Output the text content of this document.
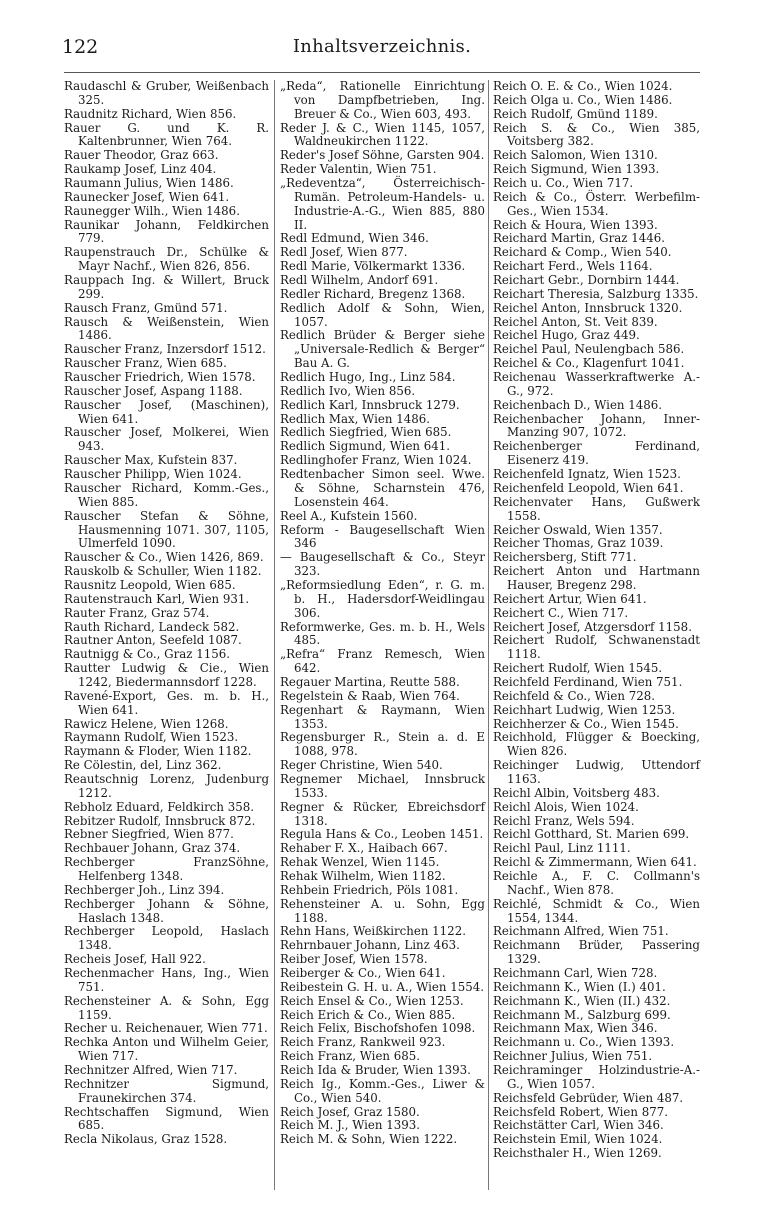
122	Inhaltsverzeichnis.

Raudaschl & Gruber, Weißenbach 325.

Raudnitz Richard, Wien 856.

Rauer G. und K. R. Kaltenbrunner, Wien 764.

Rauer Theodor, Graz 663.

Raukamp Josef, Linz 404.

Raumann Julius, Wien 1486.

Raunecker Josef, Wien 641.

Raunegger Wilh., Wien 1486.

Raunikar Johann, Feldkirchen 779.

Raupenstrauch Dr., Schülke & Mayr Nachf., Wien 826, 856.

Rauppach Ing. & Willert, Bruck 299.

Rausch Franz, Gmünd 571.

Rausch & Weißenstein, Wien 1486.

Rauscher Franz, Inzersdorf 1512.

Rauscher Franz, Wien 685.

Rauscher Friedrich, Wien 1578.

Rauscher Josef, Aspang 1188.

Rauscher Josef, (Maschinen), Wien 641.

Rauscher Josef, Molkerei, Wien 943.

Rauscher Max, Kufstein 837.

Rauscher Philipp, Wien 1024.

Rauscher Richard, Komm.-Ges., Wien 885.

Rauscher Stefan & Söhne, Hausmenning 1071. 307, 1105, Ulmerfeld 1090.

Rauscher & Co., Wien 1426, 869.

Rauskolb & Schuller, Wien 1182.

Rausnitz Leopold, Wien 685.

Rautenstrauch Karl, Wien 931.

Rauter Franz, Graz 574.

Rauth Richard, Landeck 582.

Rautner Anton, Seefeld 1087.

Rautnigg & Co., Graz 1156.

Rautter Ludwig & Cie., Wien 1242, Biedermannsdorf 1228.

Ravené-Export, Ges. m. b. H., Wien 641.

Rawicz Helene, Wien 1268.

Raymann Rudolf, Wien 1523.

Raymann & Floder, Wien 1182.

Re Cölestin, del, Linz 362.

Reautschnig Lorenz, Judenburg 1212.

Rebholz Eduard, Feldkirch 358.

Rebitzer Rudolf, Innsbruck 872.

Rebner Siegfried, Wien 877.

Rechbauer Johann, Graz 374.

Rechberger FranzSöhne, Helfenberg 1348.

Rechberger Joh., Linz 394.

Rechberger Johann & Söhne, Haslach 1348.

Rechberger Leopold, Haslach 1348.

Recheis Josef, Hall 922.

Rechenmacher Hans, Ing., Wien 751.

Rechensteiner A. & Sohn, Egg 1159.

Recher u. Reichenauer, Wien 771.

Rechka Anton und Wilhelm Geier, Wien 717.

Rechnitzer Alfred, Wien 717.

Rechnitzer Sigmund, Fraunekirchen 374.

Rechtschaffen Sigmund, Wien 685.

Recla Nikolaus, Graz 1528.

„Reda“, Rationelle Einrichtung von Dampfbetrieben, Ing. Breuer & Co., Wien 603, 493.

Reder J. & C., Wien 1145, 1057, Waldneukirchen 1122.

Reder's Josef Söhne, Garsten 904.

Reder Valentin, Wien 751.

„Redeventza“, Österreichisch-Rumän. Petroleum-Handels- u. Industrie-A.-G., Wien 885, 880 II.

Redl Edmund, Wien 346.

Redl Josef, Wien 877.

Redl Marie, Völkermarkt 1336.

Redl Wilhelm, Andorf 691.

Redler Richard, Bregenz 1368.

Redlich Adolf & Sohn, Wien, 1057.

Redlich Brüder & Berger siehe „Universale-Redlich & Berger“ Bau A. G.

Redlich Hugo, Ing., Linz 584.

Redlich Ivo, Wien 856.

Redlich Karl, Innsbruck 1279.

Redlich Max, Wien 1486.

Redlich Siegfried, Wien 685.

Redlich Sigmund, Wien 641.

Redlinghofer Franz, Wien 1024.

Redtenbacher Simon seel. Wwe. & Söhne, Scharnstein 476, Losenstein 464.

Reel A., Kufstein 1560.

Reform - Baugesellschaft Wien 346

— Baugesellschaft & Co., Steyr 323.

„Reformsiedlung Eden“, r. G. m. b. H., Hadersdorf-Weidlingau 306.

Reformwerke, Ges. m. b. H., Wels 485.

„Refra“ Franz Remesch, Wien 642.

Regauer Martina, Reutte 588.

Regelstein & Raab, Wien 764.

Regenhart & Raymann, Wien 1353.

Regensburger R., Stein a. d. E 1088, 978.

Reger Christine, Wien 540.

Regnemer Michael, Innsbruck 1533.

Regner & Rücker, Ebreichsdorf 1318.

Regula Hans & Co., Leoben 1451.

Rehaber F. X., Haibach 667.

Rehak Wenzel, Wien 1145.

Rehak Wilhelm, Wien 1182.

Rehbein Friedrich, Pöls 1081.

Rehensteiner A. u. Sohn, Egg 1188.

Rehn Hans, Weißkirchen 1122.

Rehrnbauer Johann, Linz 463.

Reiber Josef, Wien 1578.

Reiberger & Co., Wien 641.

Reibestein G. H. u. A., Wien 1554.

Reich Ensel & Co., Wien 1253.

Reich Erich & Co., Wien 885.

Reich Felix, Bischofshofen 1098.

Reich Franz, Rankweil 923.

Reich Franz, Wien 685.

Reich Ida & Bruder, Wien 1393.

Reich Ig., Komm.-Ges., Liwer & Co., Wien 540.

Reich Josef, Graz 1580.

Reich M. J., Wien 1393.

Reich M. & Sohn, Wien 1222.

Reich O. E. & Co., Wien 1024.

Reich Olga u. Co., Wien 1486.

Reich Rudolf, Gmünd 1189.

Reich S. & Co., Wien 385, Voitsberg 382.

Reich Salomon, Wien 1310.

Reich Sigmund, Wien 1393.

Reich u. Co., Wien 717.

Reich & Co., Österr. Werbefilm-Ges., Wien 1534.

Reich & Houra, Wien 1393.

Reichard Martin, Graz 1446.

Reichard & Comp., Wien 540.

Reichart Ferd., Wels 1164.

Reichart Gebr., Dornbirn 1444.

Reichart Theresia, Salzburg 1335.

Reichel Anton, Innsbruck 1320.

Reichel Anton, St. Veit 839.

Reichel Hugo, Graz 449.

Reichel Paul, Neulengbach 586.

Reichel & Co., Klagenfurt 1041.

Reichenau Wasserkraftwerke A.-G., 972.

Reichenbach D., Wien 1486.

Reichenbacher Johann, Inner-Manzing 907, 1072.

Reichenberger Ferdinand, Eisenerz 419.

Reichenfeld Ignatz, Wien 1523.

Reichenfeld Leopold, Wien 641.

Reichenvater Hans, Gußwerk 1558.

Reicher Oswald, Wien 1357.

Reicher Thomas, Graz 1039.

Reichersberg, Stift 771.

Reichert Anton und Hartmann Hauser, Bregenz 298.

Reichert Artur, Wien 641.

Reichert C., Wien 717.

Reichert Josef, Atzgersdorf 1158.

Reichert Rudolf, Schwanenstadt 1118.

Reichert Rudolf, Wien 1545.

Reichfeld Ferdinand, Wien 751.

Reichfeld & Co., Wien 728.

Reichhart Ludwig, Wien 1253.

Reichherzer & Co., Wien 1545.

Reichhold, Flügger & Boecking, Wien 826.

Reichinger Ludwig, Uttendorf 1163.

Reichl Albin, Voitsberg 483.

Reichl Alois, Wien 1024.

Reichl Franz, Wels 594.

Reichl Gotthard, St. Marien 699.

Reichl Paul, Linz 1111.

Reichl & Zimmermann, Wien 641.

Reichle A., F. C. Collmann's Nachf., Wien 878.

Reichlé, Schmidt & Co., Wien 1554, 1344.

Reichmann Alfred, Wien 751.

Reichmann Brüder, Passering 1329.

Reichmann Carl, Wien 728.

Reichmann K., Wien (I.) 401.

Reichmann K., Wien (II.) 432.

Reichmann M., Salzburg 699.

Reichmann Max, Wien 346.

Reichmann u. Co., Wien 1393.

Reichner Julius, Wien 751.

Reichraminger Holzindustrie-A.-G., Wien 1057.

Reichsfeld Gebrüder, Wien 487.

Reichsfeld Robert, Wien 877.

Reichstätter Carl, Wien 346.

Reichstein Emil, Wien 1024.

Reichsthaler H., Wien 1269.
